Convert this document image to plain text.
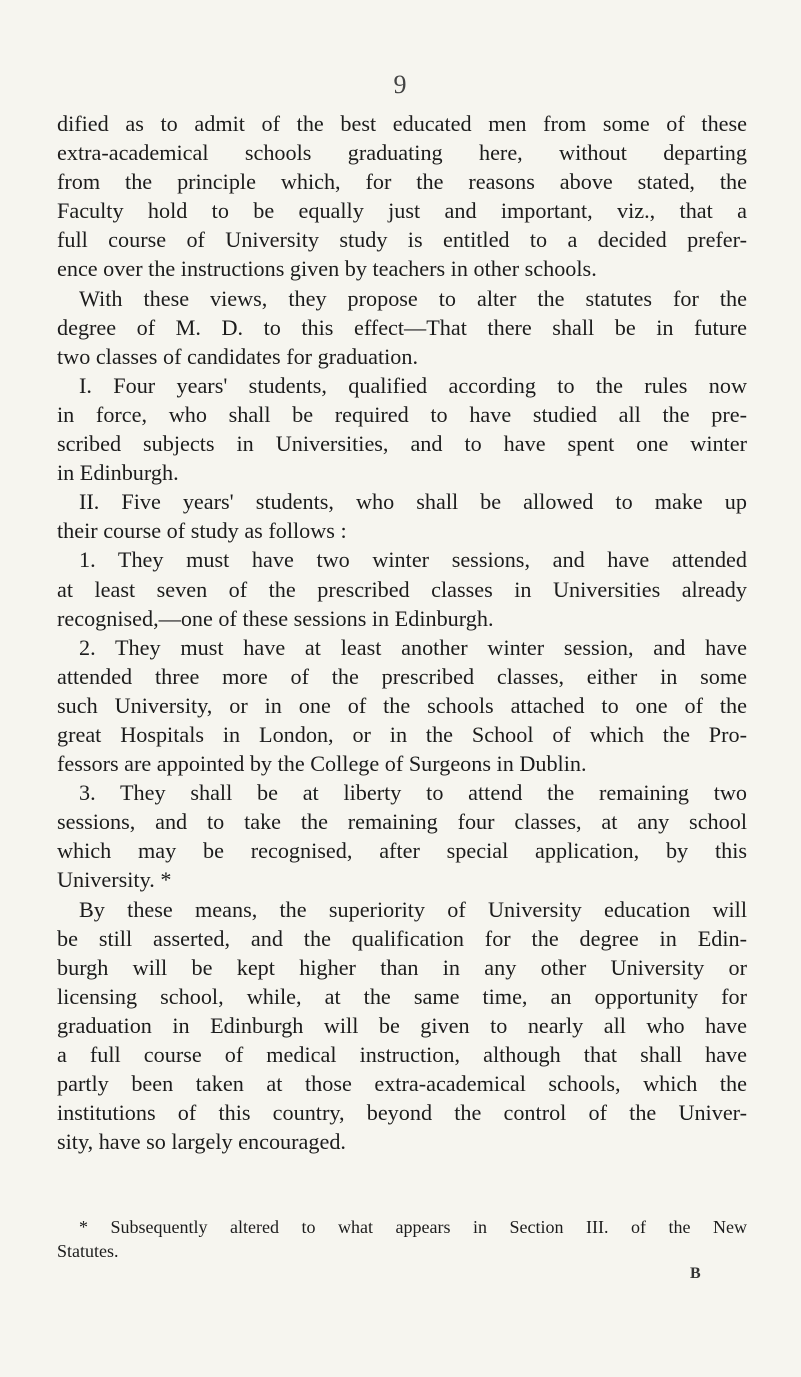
9
dified as to admit of the best educated men from some of these
extra-academical schools graduating here, without departing
from the principle which, for the reasons above stated, the
Faculty hold to be equally just and important, viz., that a
full course of University study is entitled to a decided prefer-
ence over the instructions given by teachers in other schools.
With these views, they propose to alter the statutes for the
degree of M. D. to this effect—That there shall be in future
two classes of candidates for graduation.
I. Four years' students, qualified according to the rules now
in force, who shall be required to have studied all the pre-
scribed subjects in Universities, and to have spent one winter
in Edinburgh.
II. Five years' students, who shall be allowed to make up
their course of study as follows :
1. They must have two winter sessions, and have attended
at least seven of the prescribed classes in Universities already
recognised,—one of these sessions in Edinburgh.
2. They must have at least another winter session, and have
attended three more of the prescribed classes, either in some
such University, or in one of the schools attached to one of the
great Hospitals in London, or in the School of which the Pro-
fessors are appointed by the College of Surgeons in Dublin.
3. They shall be at liberty to attend the remaining two
sessions, and to take the remaining four classes, at any school
which may be recognised, after special application, by this
University. *
By these means, the superiority of University education will
be still asserted, and the qualification for the degree in Edin-
burgh will be kept higher than in any other University or
licensing school, while, at the same time, an opportunity for
graduation in Edinburgh will be given to nearly all who have
a full course of medical instruction, although that shall have
partly been taken at those extra-academical schools, which the
institutions of this country, beyond the control of the Univer-
sity, have so largely encouraged.
* Subsequently altered to what appears in Section III. of the New
Statutes.
B
